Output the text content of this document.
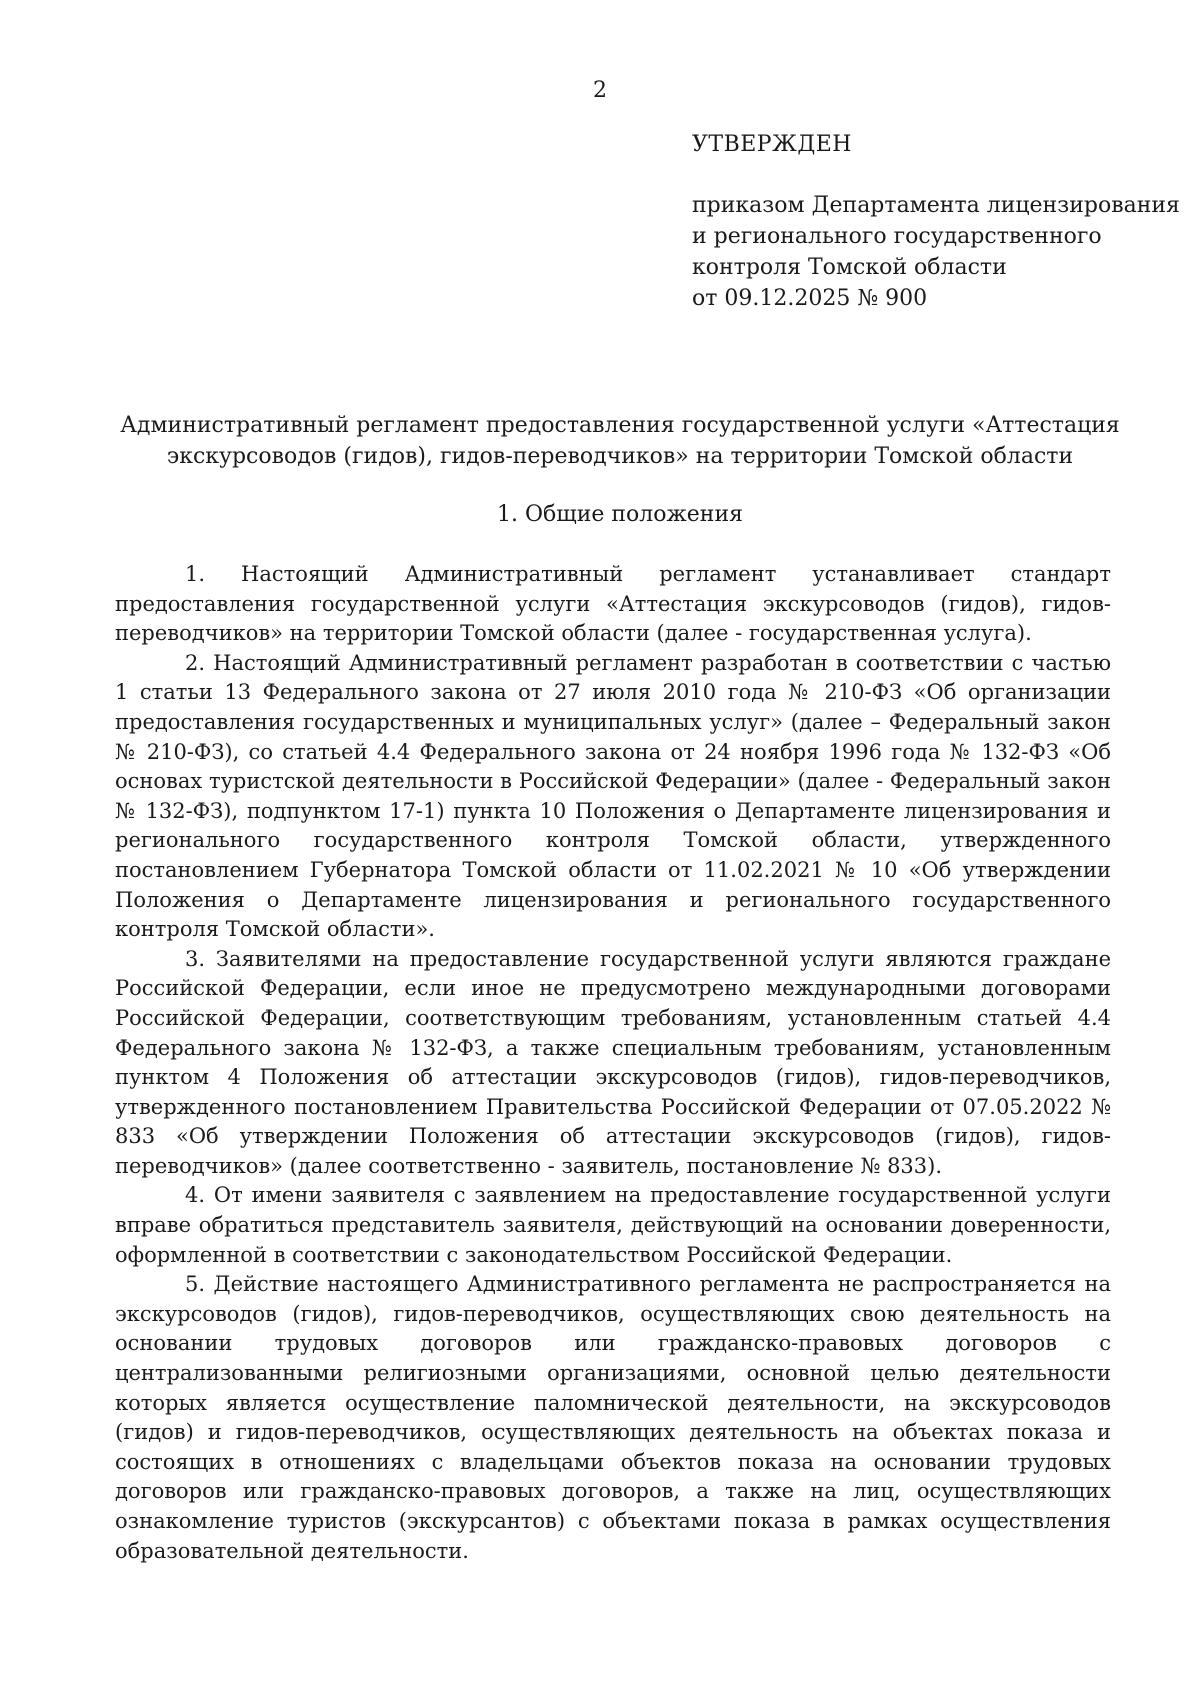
2
УТВЕРЖДЕН
приказом Департамента лицензирования
и регионального государственного
контроля Томской области
от 09.12.2025 № 900
Административный регламент предоставления государственной услуги «Аттестация
экскурсоводов (гидов), гидов-переводчиков» на территории Томской области
1. Общие положения

1. Настоящий Административный регламент устанавливает стандарт предоставления государственной услуги «Аттестация экскурсоводов (гидов), гидов-переводчиков» на территории Томской области (далее - государственная услуга).

2. Настоящий Административный регламент разработан в соответствии с частью 1 статьи 13 Федерального закона от 27 июля 2010 года № 210-ФЗ «Об организации предоставления государственных и муниципальных услуг» (далее – Федеральный закон № 210-ФЗ), со статьей 4.4 Федерального закона от 24 ноября 1996 года № 132-ФЗ «Об основах туристской деятельности в Российской Федерации» (далее - Федеральный закон № 132-ФЗ), подпунктом 17-1) пункта 10 Положения о Департаменте лицензирования и регионального государственного контроля Томской области, утвержденного постановлением Губернатора Томской области от 11.02.2021 № 10 «Об утверждении Положения о Департаменте лицензирования и регионального государственного контроля Томской области».

3. Заявителями на предоставление государственной услуги являются граждане Российской Федерации, если иное не предусмотрено международными договорами Российской Федерации, соответствующим требованиям, установленным статьей 4.4 Федерального закона № 132-ФЗ, а также специальным требованиям, установленным пунктом 4 Положения об аттестации экскурсоводов (гидов), гидов-переводчиков, утвержденного постановлением Правительства Российской Федерации от 07.05.2022 № 833 «Об утверждении Положения об аттестации экскурсоводов (гидов), гидов-переводчиков» (далее соответственно - заявитель, постановление № 833).

4. От имени заявителя с заявлением на предоставление государственной услуги вправе обратиться представитель заявителя, действующий на основании доверенности, оформленной в соответствии с законодательством Российской Федерации.

5. Действие настоящего Административного регламента не распространяется на экскурсоводов (гидов), гидов-переводчиков, осуществляющих свою деятельность на основании трудовых договоров или гражданско-правовых договоров с централизованными религиозными организациями, основной целью деятельности которых является осуществление паломнической деятельности, на экскурсоводов (гидов) и гидов-переводчиков, осуществляющих деятельность на объектах показа и состоящих в отношениях с владельцами объектов показа на основании трудовых договоров или гражданско-правовых договоров, а также на лиц, осуществляющих ознакомление туристов (экскурсантов) с объектами показа в рамках осуществления образовательной деятельности.
